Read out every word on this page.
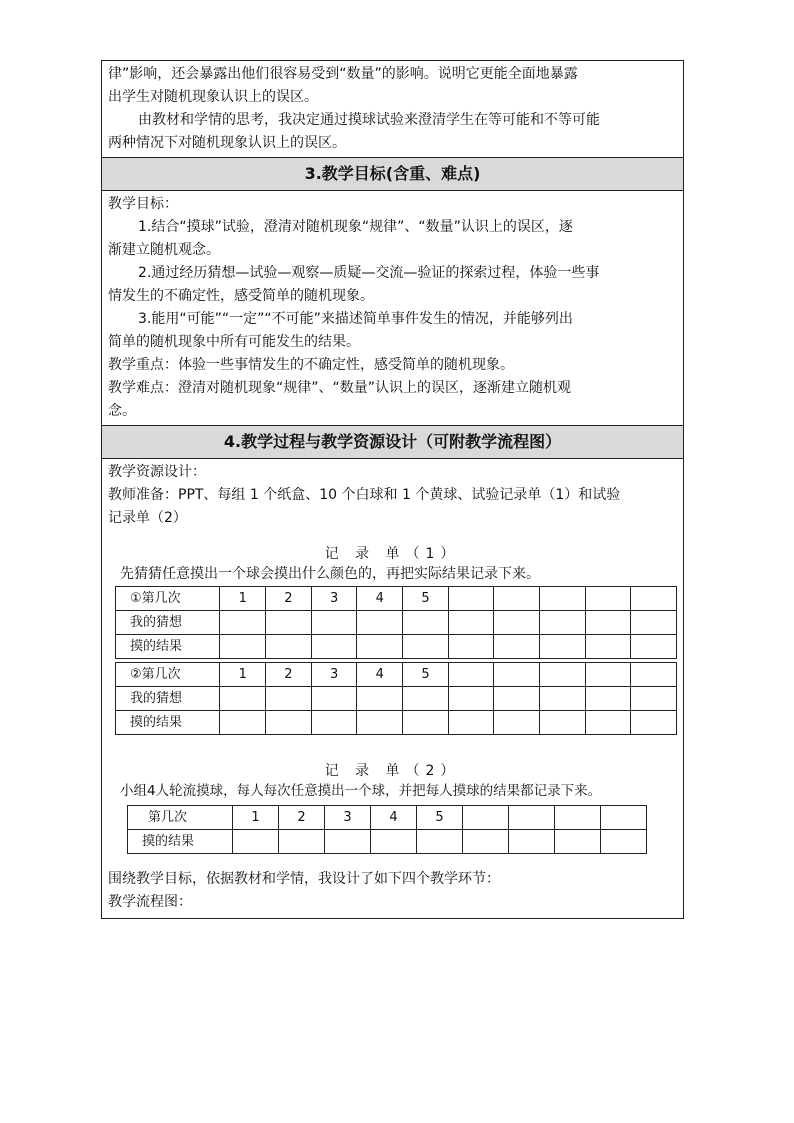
律”影响，还会暴露出他们很容易受到“数量”的影响。说明它更能全面地暴露

出学生对随机现象认识上的误区。

由教材和学情的思考，我决定通过摸球试验来澄清学生在等可能和不等可能

两种情况下对随机现象认识上的误区。

3.教学目标(含重、难点)

教学目标：

1.结合“摸球”试验，澄清对随机现象“规律”、“数量”认识上的误区，逐

渐建立随机观念。

2.通过经历猜想—试验—观察—质疑—交流—验证的探索过程，体验一些事

情发生的不确定性，感受简单的随机现象。

3.能用“可能”“一定”“不可能”来描述简单事件发生的情况，并能够列出

简单的随机现象中所有可能发生的结果。

教学重点：体验一些事情发生的不确定性，感受简单的随机现象。

教学难点：澄清对随机现象“规律”、“数量”认识上的误区，逐渐建立随机观

念。

4.教学过程与教学资源设计（可附教学流程图）

教学资源设计：

教师准备：PPT、每组 1 个纸盒、10 个白球和 1 个黄球、试验记录单（1）和试验

记录单（2）

记 录 单（1）

先猜猜任意摸出一个球会摸出什么颜色的，再把实际结果记录下来。

①第几次	1	2	3	4	5					
我的猜想										
摸的结果										
②第几次	1	2	3	4	5					
我的猜想										
摸的结果										

记 录 单（2）

小组4人轮流摸球，每人每次任意摸出一个球，并把每人摸球的结果都记录下来。

第几次	1	2	3	4	5				
摸的结果									

围绕教学目标，依据教材和学情，我设计了如下四个教学环节：

教学流程图：
